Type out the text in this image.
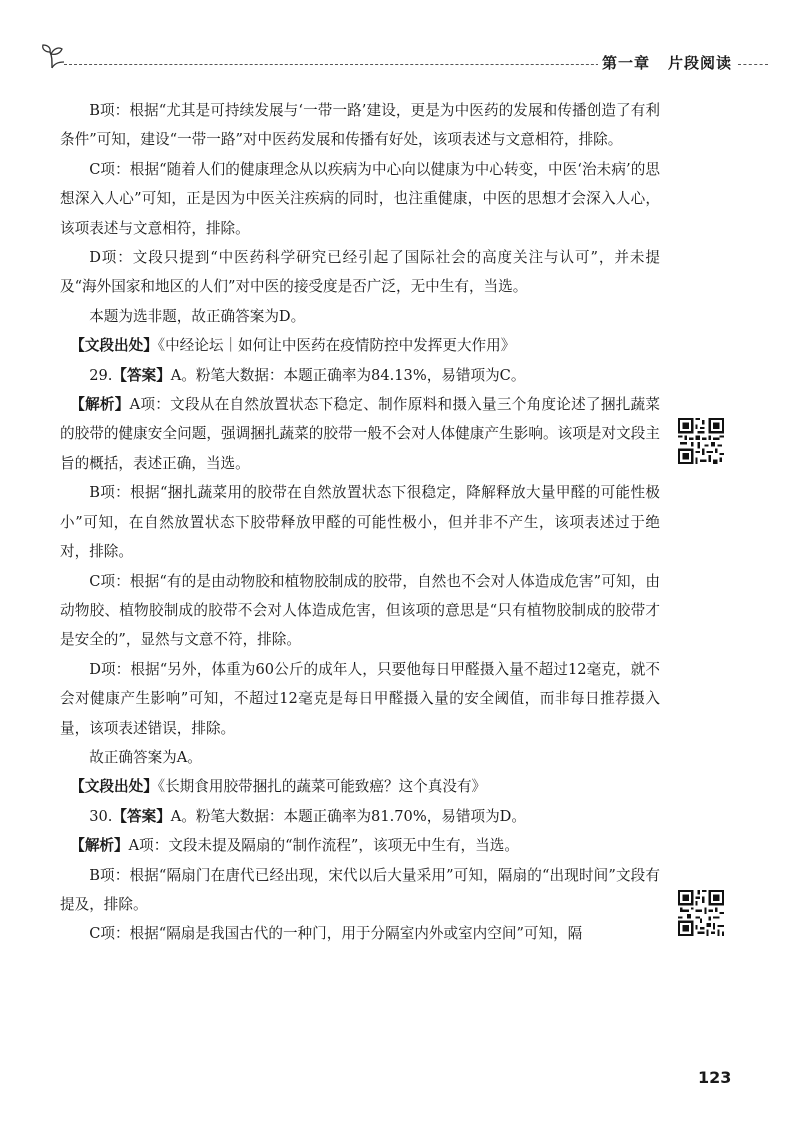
第一章 片段阅读

B项：根据“尤其是可持续发展与‘一带一路’建设，更是为中医药的发展和传播创造了有利条件”可知，建设“一带一路”对中医药发展和传播有好处，该项表述与文意相符，排除。

C项：根据“随着人们的健康理念从以疾病为中心向以健康为中心转变，中医‘治未病’的思想深入人心”可知，正是因为中医关注疾病的同时，也注重健康，中医的思想才会深入人心，该项表述与文意相符，排除。

D项：文段只提到“中医药科学研究已经引起了国际社会的高度关注与认可”，并未提及“海外国家和地区的人们”对中医的接受度是否广泛，无中生有，当选。

本题为选非题，故正确答案为D。

【文段出处】《中经论坛｜如何让中医药在疫情防控中发挥更大作用》

29.【答案】A。粉笔大数据：本题正确率为84.13%，易错项为C。

【解析】A项：文段从在自然放置状态下稳定、制作原料和摄入量三个角度论述了捆扎蔬菜的胶带的健康安全问题，强调捆扎蔬菜的胶带一般不会对人体健康产生影响。该项是对文段主旨的概括，表述正确，当选。

B项：根据“捆扎蔬菜用的胶带在自然放置状态下很稳定，降解释放大量甲醛的可能性极小”可知，在自然放置状态下胶带释放甲醛的可能性极小，但并非不产生，该项表述过于绝对，排除。

C项：根据“有的是由动物胶和植物胶制成的胶带，自然也不会对人体造成危害”可知，由动物胶、植物胶制成的胶带不会对人体造成危害，但该项的意思是“只有植物胶制成的胶带才是安全的”，显然与文意不符，排除。

D项：根据“另外，体重为60公斤的成年人，只要他每日甲醛摄入量不超过12毫克，就不会对健康产生影响”可知，不超过12毫克是每日甲醛摄入量的安全阈值，而非每日推荐摄入量，该项表述错误，排除。

故正确答案为A。

【文段出处】《长期食用胶带捆扎的蔬菜可能致癌？这个真没有》

30.【答案】A。粉笔大数据：本题正确率为81.70%，易错项为D。

【解析】A项：文段未提及隔扇的“制作流程”，该项无中生有，当选。

B项：根据“隔扇门在唐代已经出现，宋代以后大量采用”可知，隔扇的“出现时间”文段有提及，排除。

C项：根据“隔扇是我国古代的一种门，用于分隔室内外或室内空间”可知，隔

123
